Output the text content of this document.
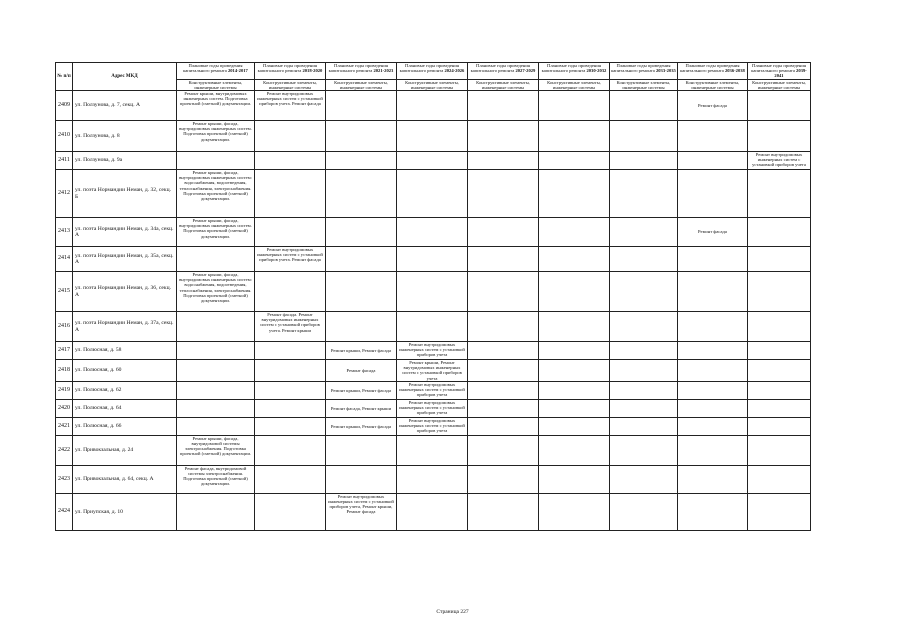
№ п/п	Адрес МКД	Плановые годы проведения капитального ремонта 2014-2017	Плановые годы проведения капитального ремонта 2018-2020	Плановые годы проведения капитального ремонта 2021-2023	Плановые годы проведения капитального ремонта 2024-2026	Плановые годы проведения капитального ремонта 2027-2029	Плановые годы проведения капитального ремонта 2030-2032	Плановые годы проведения капитального ремонта 2033-2035	Плановые годы проведения капитального ремонта 2036-2038	Плановые годы проведения капитального ремонта 2039-2041
		Конструктивные элементы, инженерные системы	Конструктивные элементы, инженерные системы	Конструктивные элементы, инженерные системы	Конструктивные элементы, инженерные системы	Конструктивные элементы, инженерные системы	Конструктивные элементы, инженерные системы	Конструктивные элементы, инженерные системы	Конструктивные элементы, инженерные системы	Конструктивные элементы, инженерные системы
2409	ул. Ползунова, д. 7, секц. А	Ремонт крыши, внутридомовых инженерных систем. Подготовка проектной (сметной) документации.	Ремонт внутридомовых инженерных систем с установкой приборов учета. Ремонт фасада						Ремонт фасада	
2410	ул. Ползунова, д. 8	Ремонт крыши, фасада, внутридомовых инженерных систем. Подготовка проектной (сметной) документации.								
2411	ул. Ползунова, д. 9а									Ремонт внутридомовых инженерных систем с установкой приборов учета
2412	ул. поэта Нормандии Неман, д. 32, секц. Б	Ремонт крыши, фасада, внутридомовых инженерных систем: водоснабжения, водоотведения, теплоснабжения, электроснабжения. Подготовка проектной (сметной) документации.								
2413	ул. поэта Нормандии Неман, д. 34а, секц. А	Ремонт крыши, фасада, внутридомовых инженерных систем. Подготовка проектной (сметной) документации.							Ремонт фасада	
2414	ул. поэта Нормандии Неман, д. 35а, секц. А		Ремонт внутридомовых инженерных систем с установкой приборов учета. Ремонт фасада							
2415	ул. поэта Нормандии Неман, д. 36, секц. А	Ремонт крыши, фасада, внутридомовых инженерных систем: водоснабжения, водоотведения, теплоснабжения, электроснабжения. Подготовка проектной (сметной) документации.								
2416	ул. поэта Нормандии Неман, д. 37а, секц. А		Ремонт фасада. Ремонт внутридомовых инженерных систем с установкой приборов учета. Ремонт крыши							
2417	ул. Полюсная, д. 58			Ремонт крыши, Ремонт фасада	Ремонт внутридомовых инженерных систем с установкой приборов учета					
2418	ул. Полюсная, д. 60			Ремонт фасада	Ремонт крыши, Ремонт внутридомовых инженерных систем с установкой приборов учета					
2419	ул. Полюсная, д. 62			Ремонт крыши, Ремонт фасада	Ремонт внутридомовых инженерных систем с установкой приборов учета					
2420	ул. Полюсная, д. 64			Ремонт фасада, Ремонт крыши	Ремонт внутридомовых инженерных систем с установкой приборов учета					
2421	ул. Полюсная, д. 66			Ремонт крыши, Ремонт фасада	Ремонт внутридомовых инженерных систем с установкой приборов учета					
2422	ул. Привокзальная, д. 24	Ремонт крыши, фасада, внутридомовой системы электроснабжения. Подготовка проектной (сметной) документации.								
2423	ул. Привокзальная, д. 64, секц. А	Ремонт фасада, внутридомовой системы электроснабжения. Подготовка проектной (сметной) документации.								
2424	ул. Приупская, д. 10			Ремонт внутридомовых инженерных систем с установкой приборов учета, Ремонт крыши, Ремонт фасада						
Страница 227
